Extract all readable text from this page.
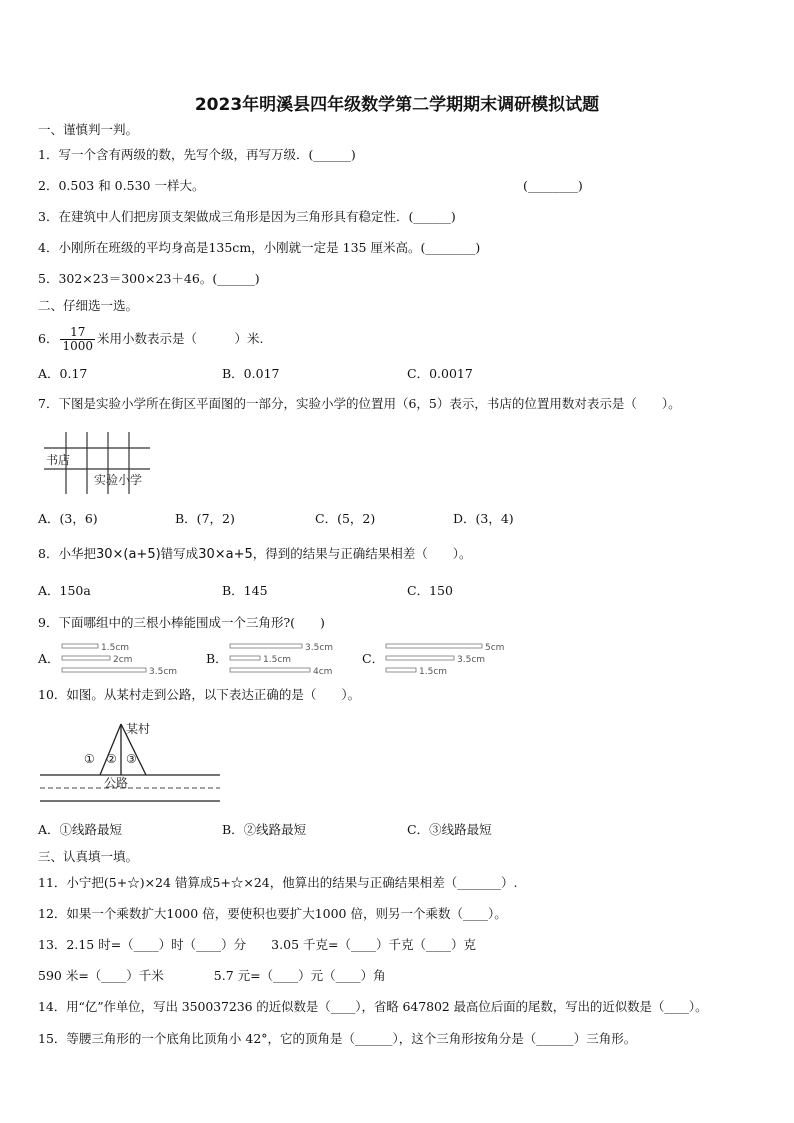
2023年明溪县四年级数学第二学期期末调研模拟试题
一、谨慎判一判。
1．写一个含有两级的数，先写个级，再写万级．(______)
2．0.503 和 0.530 一样大。	(________)
3．在建筑中人们把房顶支架做成三角形是因为三角形具有稳定性．(______)
4．小刚所在班级的平均身高是135cm，小刚就一定是 135 厘米高。(________)
5．302×23＝300×23＋46。(______)
二、仔细选一选。
6． $\frac{17}{1000}$ 米用小数表示是（　　　）米.
A．0.17	B．0.017	C．0.0017
7．下图是实验小学所在街区平面图的一部分，实验小学的位置用（6，5）表示，书店的位置用数对表示是（　　）。
书店
实验小学
A．(3，6)	B．(7，2)	C．(5，2)	D．(3，4)
8．小华把30×(a+5)错写成30×a+5，得到的结果与正确结果相差（　　）。
A．150a	B．145	C．150
9．下面哪组中的三根小棒能围成一个三角形?(　　)
A．	B．	C．
1.5cm
2cm
3.5cm
3.5cm
1.5cm
4cm
5cm
3.5cm
1.5cm
10．如图。从某村走到公路，以下表达正确的是（　　）。
某村
公路
① ② ③
A．①线路最短	B．②线路最短	C．③线路最短
三、认真填一填。
11．小宁把(5+☆)×24 错算成5+☆×24，他算出的结果与正确结果相差（_______）.
12．如果一个乘数扩大1000 倍，要使积也要扩大1000 倍，则另一个乘数（____）。
13．2.15 时=（____）时（____）分　　3.05 千克=（____）千克（____）克
590 米=（____）千米　　　　5.7 元=（____）元（____）角
14．用“亿”作单位，写出 350037236 的近似数是（____），省略 647802 最高位后面的尾数，写出的近似数是（____）。
15．等腰三角形的一个底角比顶角小 42°，它的顶角是（______），这个三角形按角分是（______）三角形。
